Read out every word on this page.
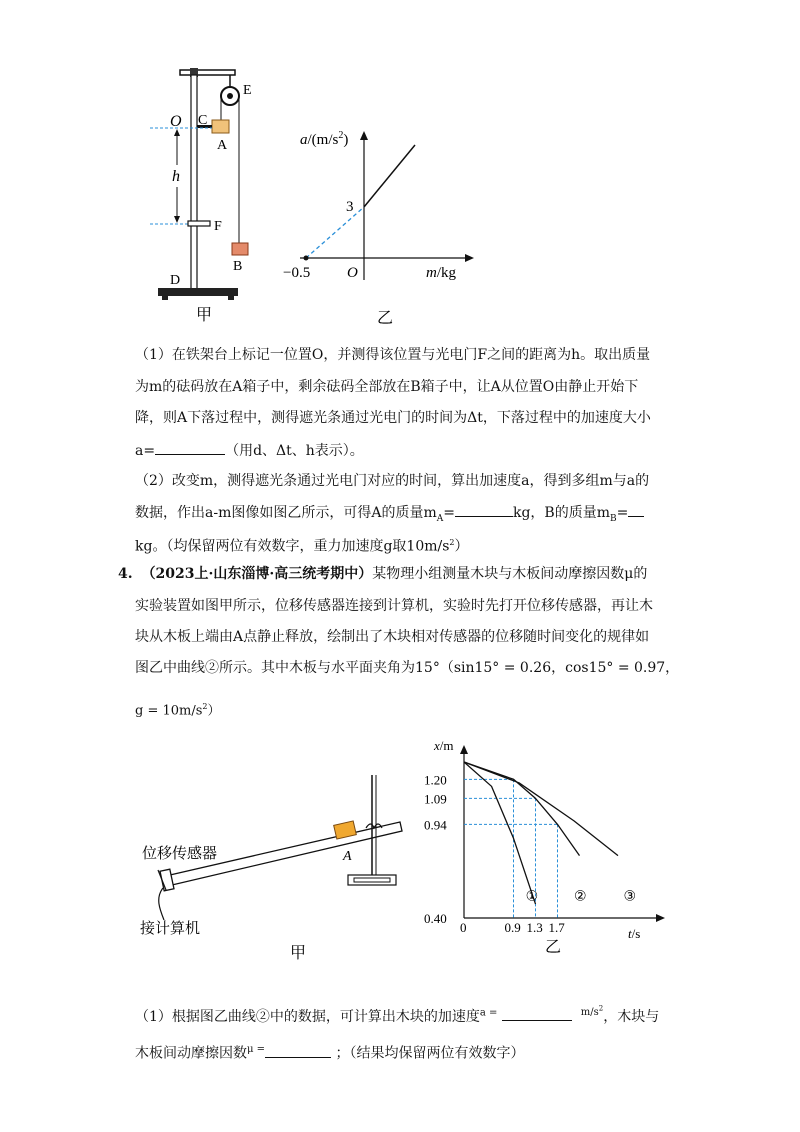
O C
A
E
h
F
B
D
甲
$a/(m/s^2)$
3
−0.5 O	m/kg
乙
（1）在铁架台上标记一位置O，并测得该位置与光电门F之间的距离为h。取出质量
为m的砝码放在A箱子中，剩余砝码全部放在B箱子中，让A从位置O由静止开始下
降，则A下落过程中，测得遮光条通过光电门的时间为Δt，下落过程中的加速度大小
a=	（用d、Δt、h表示）。
（2）改变m，测得遮光条通过光电门对应的时间，算出加速度a，得到多组m与a的
数据，作出a-m图像如图乙所示，可得A的质量$m_A=$	kg，B的质量$m_B=$
kg。（均保留两位有效数字，重力加速度g取$10m/s^2$）
4. （2023上·山东淄博·高三统考期中）某物理小组测量木块与木板间动摩擦因数μ的
实验装置如图甲所示，位移传感器连接到计算机，实验时先打开位移传感器，再让木
块从木板上端由A点静止释放，绘制出了木块相对传感器的位移随时间变化的规律如
图乙中曲线②所示。其中木板与水平面夹角为15°（sin15° = 0.26，cos15° = 0.97，
$g = 10m/s^2$）
位移传感器
接计算机
A
甲
x/m
t/s
①	②	③
0.40
0.94
1.09
1.20
0	0.9 1.3 1.7
乙
（1）根据图乙曲线②中的数据，可计算出木块的加速度$^{a =}$	$^{m/s^2}$，木块与
木板间动摩擦因数$^{\mu =}$	；（结果均保留两位有效数字）
